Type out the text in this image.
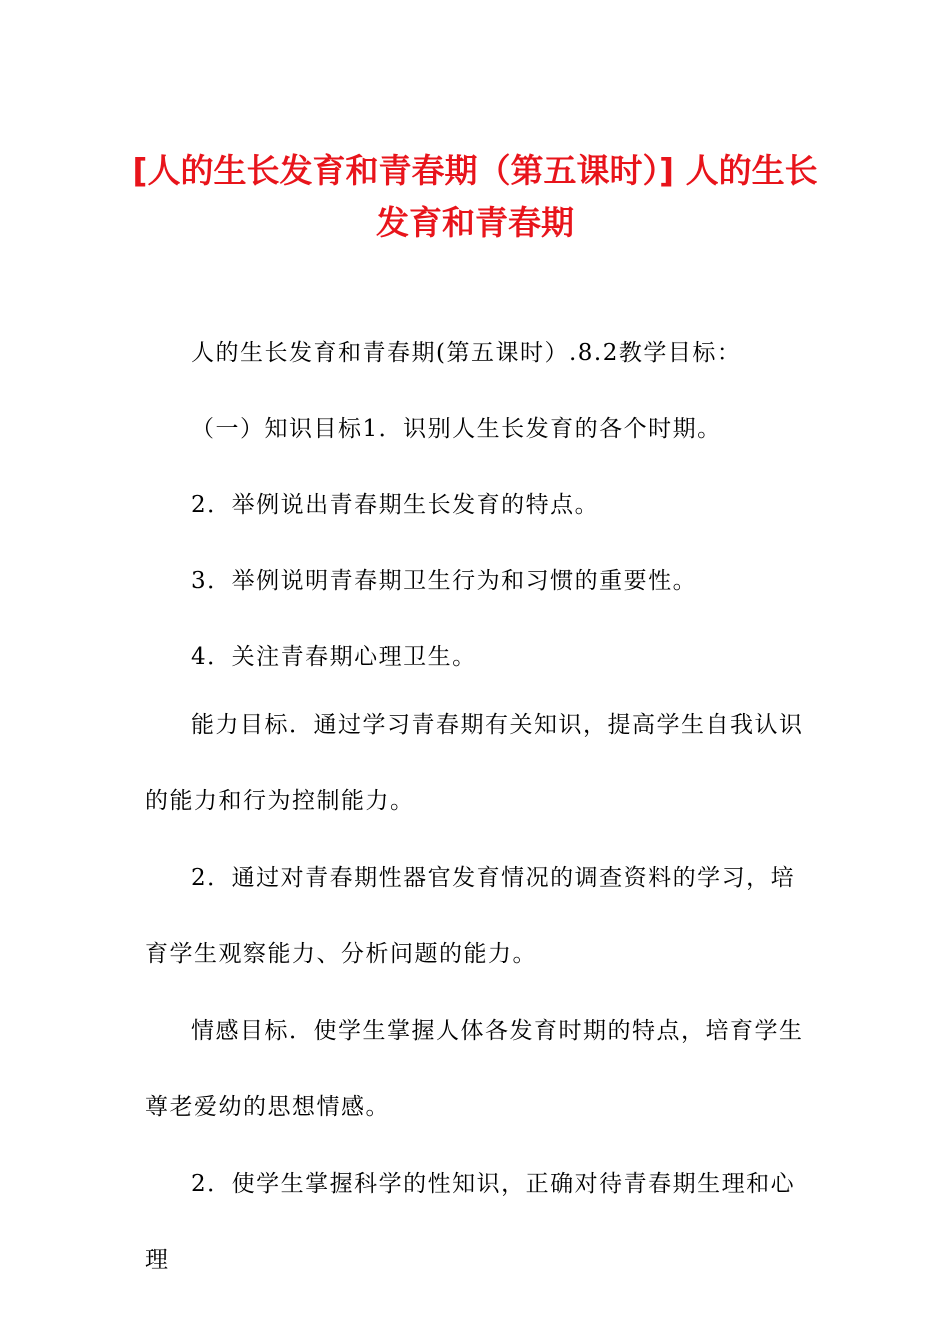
[人的生长发育和青春期（第五课时）] 人的生长发育和青春期

人的生长发育和青春期(第五课时）.8.2教学目标：

（一）知识目标1．识别人生长发育的各个时期。

2．举例说出青春期生长发育的特点。

3．举例说明青春期卫生行为和习惯的重要性。

4．关注青春期心理卫生。

能力目标．通过学习青春期有关知识，提高学生自我认识的能力和行为控制能力。

2．通过对青春期性器官发育情况的调查资料的学习，培育学生观察能力、分析问题的能力。

情感目标．使学生掌握人体各发育时期的特点，培育学生尊老爱幼的思想情感。

2．使学生掌握科学的性知识，正确对待青春期生理和心理
